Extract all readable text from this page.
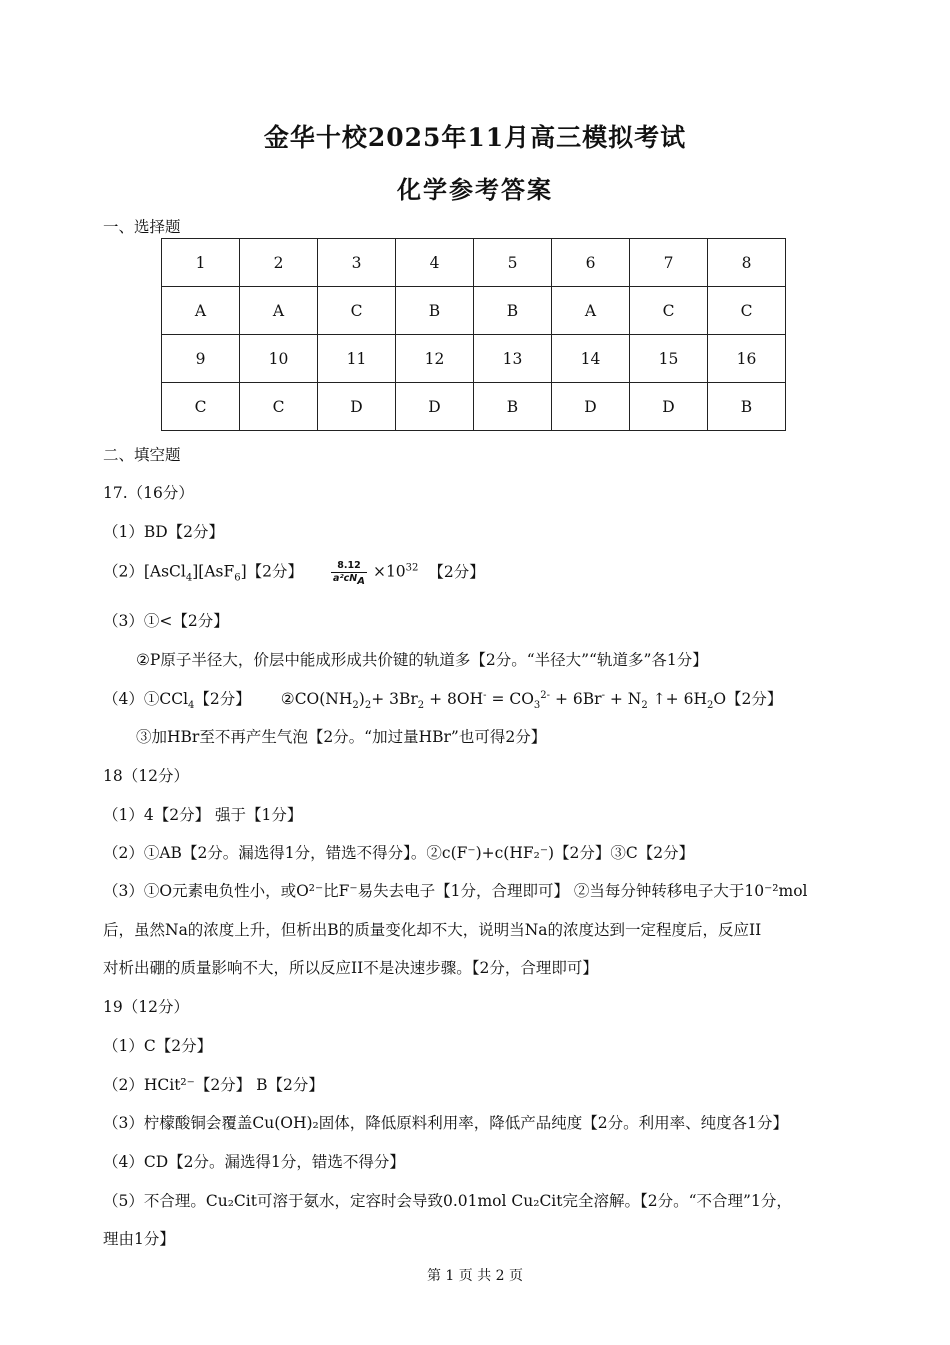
金华十校2025年11月高三模拟考试
化学参考答案
一、选择题
1	2	3	4	5	6	7	8
A	A	C	B	B	A	C	C
9	10	11	12	13	14	15	16
C	C	D	D	B	D	D	B
二、填空题
17.（16分）
（1）BD【2分】
（2）[AsCl$_4$][AsF$_6$]【2分】	$\frac{8.12}{a^2cN_A} \times 10^{32}$ 【2分】
（3）①<【2分】
②P原子半径大，价层中能成形成共价键的轨道多【2分。“半径大”“轨道多”各1分】
（4）①CCl$_4$【2分】 $②CO(NH_2)_2+ 3Br_2 + 8OH^- = CO_3^{2-} + 6Br^- + N_2$ ↑+ $6H_2O$【2分】
③加HBr至不再产生气泡【2分。“加过量HBr”也可得2分】
18（12分）
（1）4【2分】 强于【1分】
（2）①AB【2分。漏选得1分，错选不得分】。②c(F⁻)+c(HF₂⁻)【2分】③C【2分】
（3）①O元素电负性小，或O²⁻比F⁻易失去电子【1分，合理即可】 ②当每分钟转移电子大于10⁻²mol
后，虽然Na的浓度上升，但析出B的质量变化却不大，说明当Na的浓度达到一定程度后，反应II
对析出硼的质量影响不大，所以反应II不是决速步骤。【2分，合理即可】
19（12分）
（1）C【2分】
（2）HCit²⁻【2分】 B【2分】
（3）柠檬酸铜会覆盖Cu(OH)₂固体，降低原料利用率，降低产品纯度【2分。利用率、纯度各1分】
（4）CD【2分。漏选得1分，错选不得分】
（5）不合理。Cu₂Cit可溶于氨水，定容时会导致0.01mol Cu₂Cit完全溶解。【2分。“不合理”1分，
理由1分】
第 1 页 共 2 页
